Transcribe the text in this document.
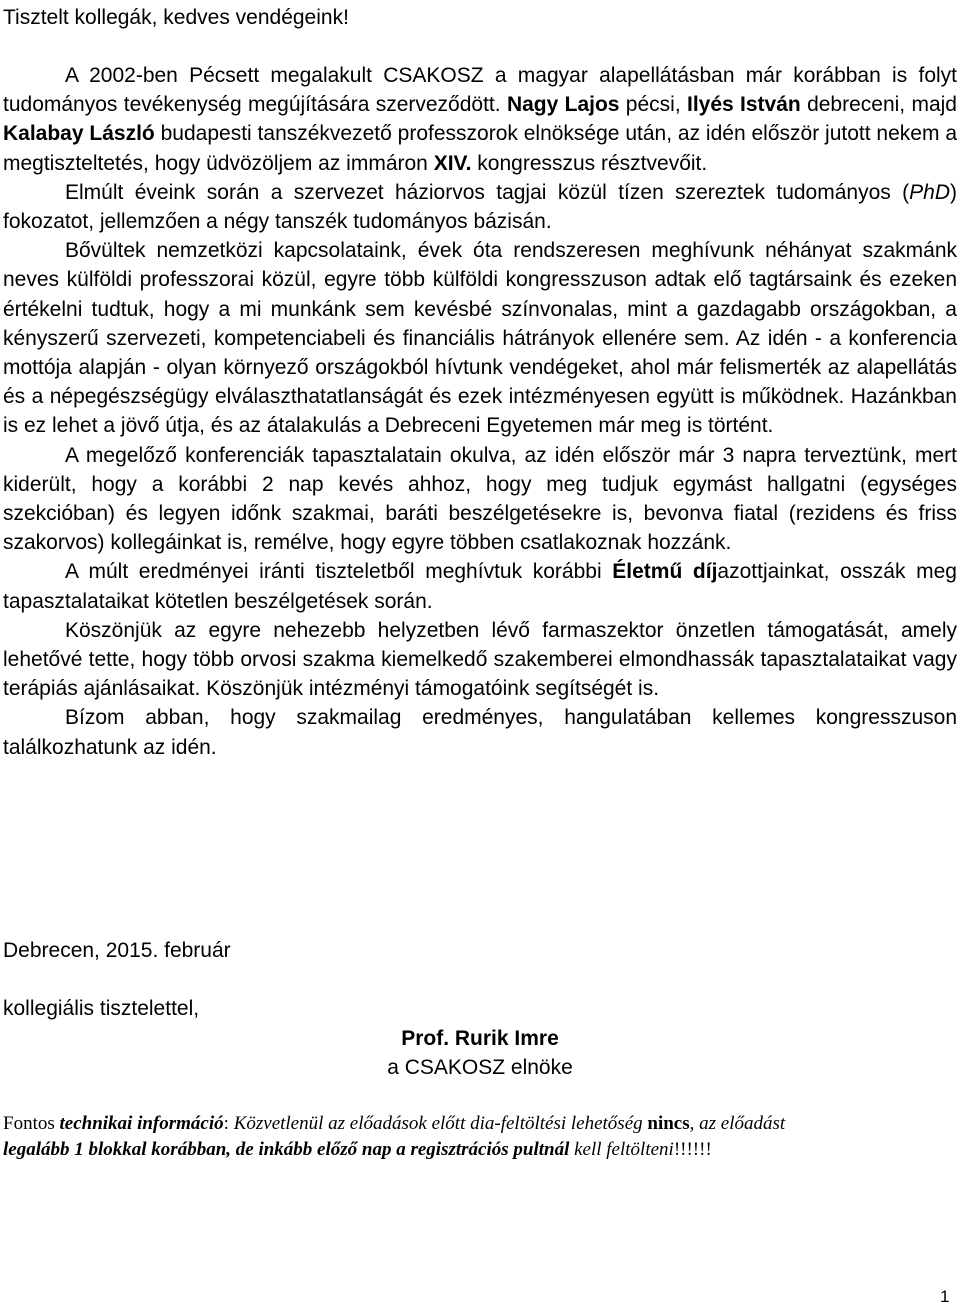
Tisztelt kollegák, kedves vendégeink!

A 2002-ben Pécsett megalakult CSAKOSZ a magyar alapellátásban már korábban is folyt tudományos tevékenység megújítására szerveződött. Nagy Lajos pécsi, Ilyés István debreceni, majd Kalabay László budapesti tanszékvezető professzorok elnöksége után, az idén először jutott nekem a megtiszteltetés, hogy üdvözöljem az immáron XIV. kongresszus résztvevőit.

Elmúlt éveink során a szervezet háziorvos tagjai közül tízen szereztek tudományos (PhD) fokozatot, jellemzően a négy tanszék tudományos bázisán.

Bővültek nemzetközi kapcsolataink, évek óta rendszeresen meghívunk néhányat szakmánk neves külföldi professzorai közül, egyre több külföldi kongresszuson adtak elő tagtársaink és ezeken értékelni tudtuk, hogy a mi munkánk sem kevésbé színvonalas, mint a gazdagabb országokban, a kényszerű szervezeti, kompetenciabeli és financiális hátrányok ellenére sem. Az idén - a konferencia mottója alapján - olyan környező országokból hívtunk vendégeket, ahol már felismerték az alapellátás és a népegészségügy elválaszthatatlanságát és ezek intézményesen együtt is működnek. Hazánkban is ez lehet a jövő útja, és az átalakulás a Debreceni Egyetemen már meg is történt.

A megelőző konferenciák tapasztalatain okulva, az idén először már 3 napra terveztünk, mert kiderült, hogy a korábbi 2 nap kevés ahhoz, hogy meg tudjuk egymást hallgatni (egységes szekcióban) és legyen időnk szakmai, baráti beszélgetésekre is, bevonva fiatal (rezidens és friss szakorvos) kollegáinkat is, remélve, hogy egyre többen csatlakoznak hozzánk.

A múlt eredményei iránti tiszteletből meghívtuk korábbi Életmű díjazottjainkat, osszák meg tapasztalataikat kötetlen beszélgetések során.

Köszönjük az egyre nehezebb helyzetben lévő farmaszektor önzetlen támogatását, amely lehetővé tette, hogy több orvosi szakma kiemelkedő szakemberei elmondhassák tapasztalataikat vagy terápiás ajánlásaikat. Köszönjük intézményi támogatóink segítségét is.

Bízom abban, hogy szakmailag eredményes, hangulatában kellemes kongresszuson találkozhatunk az idén.

Debrecen, 2015. február
kollegiális tisztelettel,
Prof. Rurik Imre
a CSAKOSZ elnöke
Fontos technikai információ: Közvetlenül az előadások előtt dia-feltöltési lehetőség nincs, az előadást
legalább 1 blokkal korábban, de inkább előző nap a regisztrációs pultnál kell feltölteni!!!!!!
1
